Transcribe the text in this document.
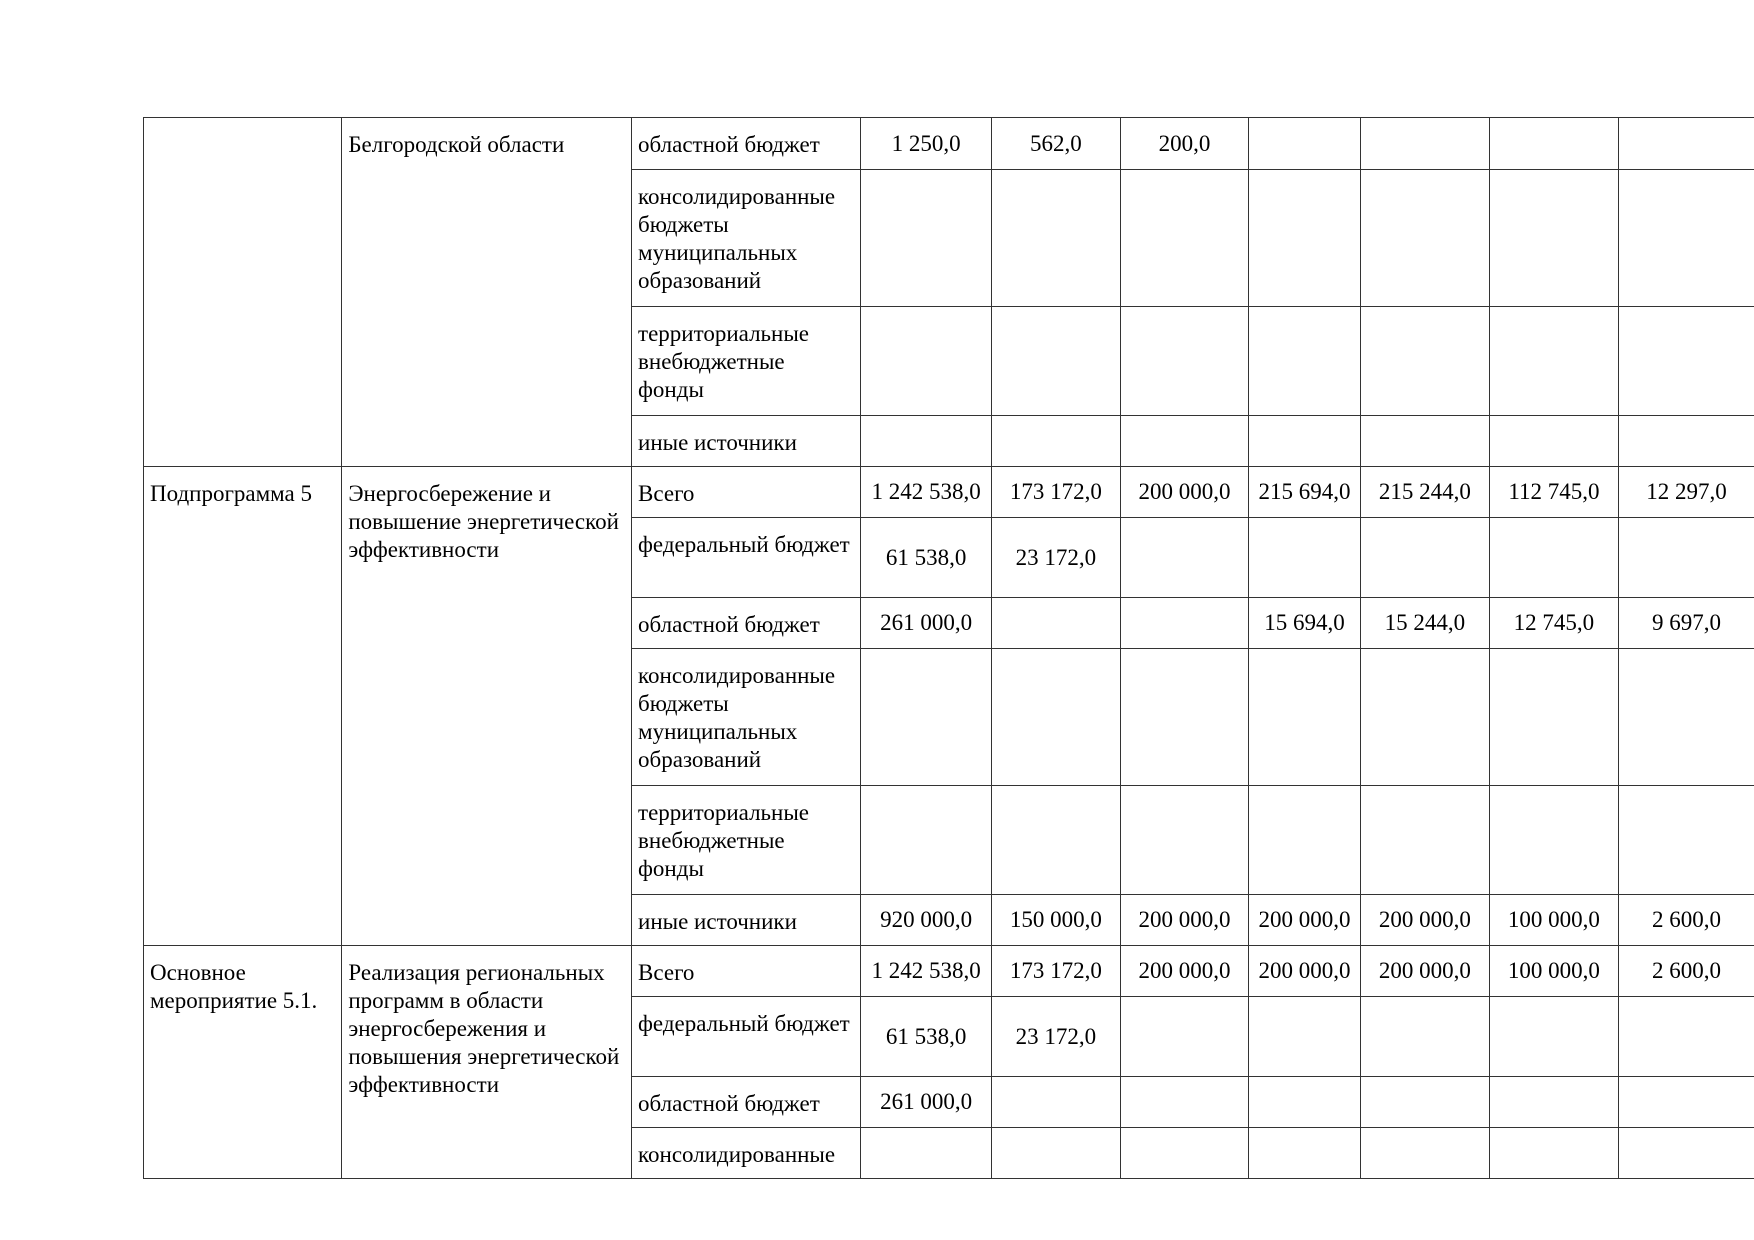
	Белгородской области	областной бюджет	1 250,0	562,0	200,0				
		консолидированные бюджеты муниципальных образований							
		территориальные внебюджетные фонды							
		иные источники							
Подпрограмма 5	Энергосбережение и повышение энергетической эффективности	Всего	1 242 538,0	173 172,0	200 000,0	215 694,0	215 244,0	112 745,0	12 297,0
		федеральный бюджет	61 538,0	23 172,0					
		областной бюджет	261 000,0			15 694,0	15 244,0	12 745,0	9 697,0
		консолидированные бюджеты муниципальных образований							
		территориальные внебюджетные фонды							
		иные источники	920 000,0	150 000,0	200 000,0	200 000,0	200 000,0	100 000,0	2 600,0
Основное мероприятие 5.1.	Реализация региональных программ в области энергосбережения и повышения энергетической эффективности	Всего	1 242 538,0	173 172,0	200 000,0	200 000,0	200 000,0	100 000,0	2 600,0
		федеральный бюджет	61 538,0	23 172,0					
		областной бюджет	261 000,0						
		консолидированные							
